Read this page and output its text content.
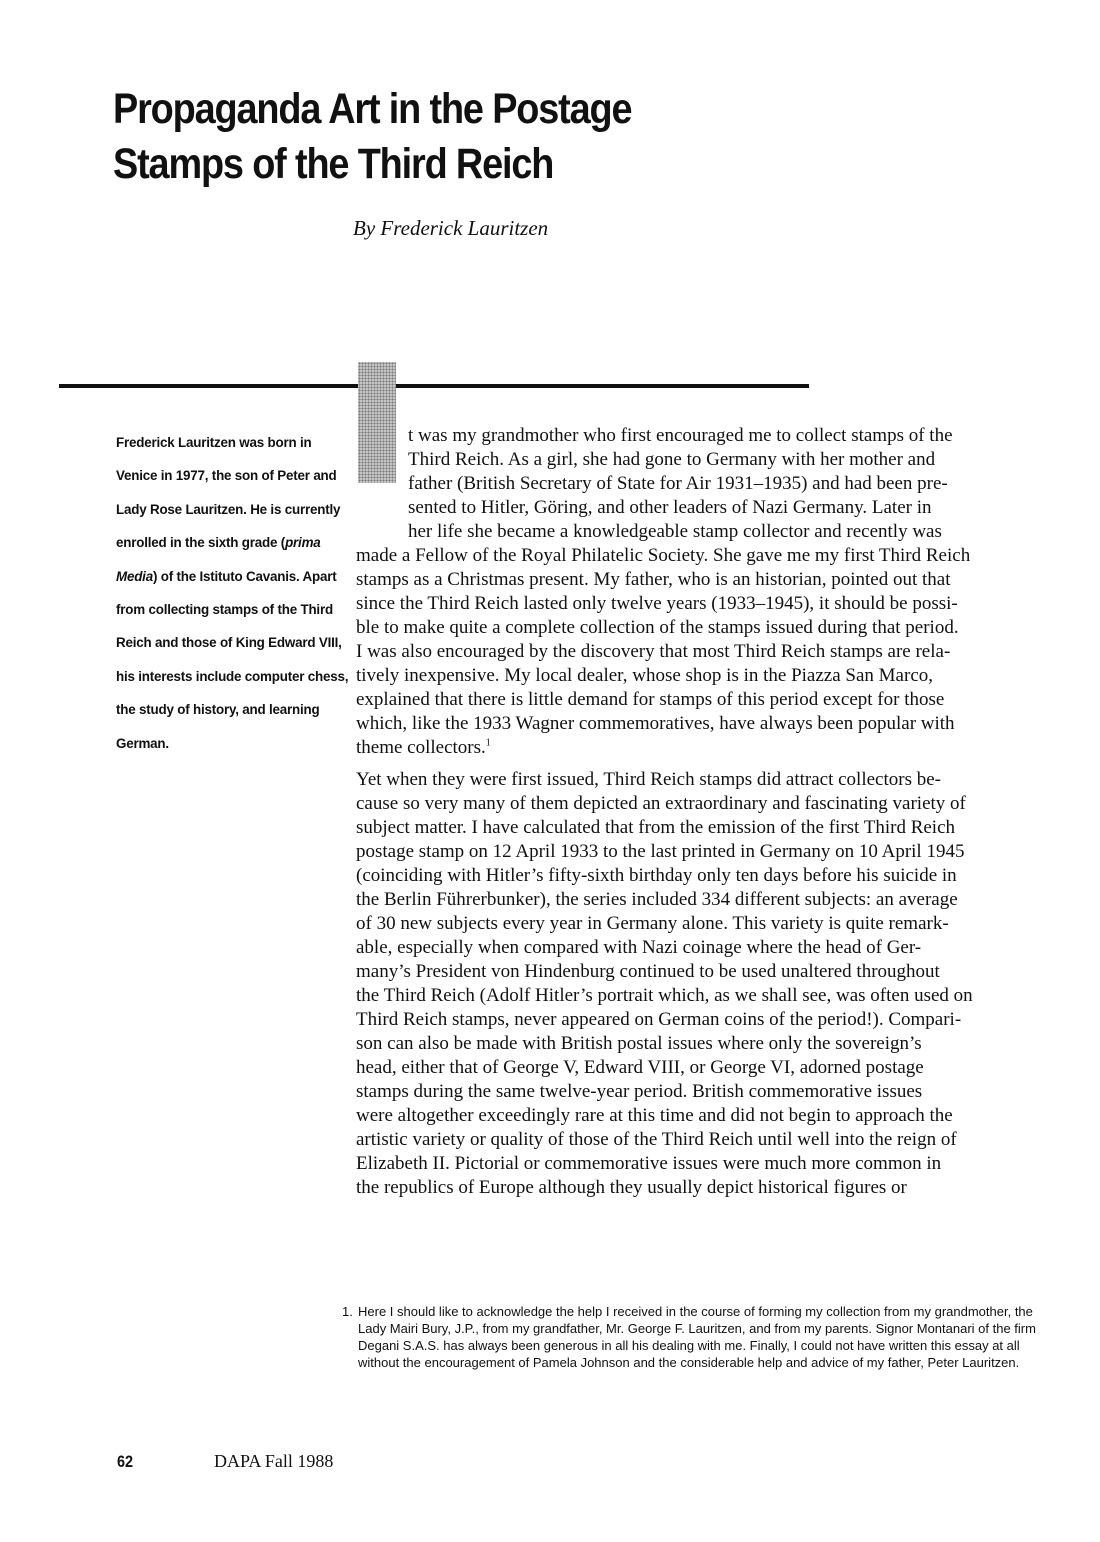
Propaganda Art in the Postage
Stamps of the Third Reich
By Frederick Lauritzen

Frederick Lauritzen was born in Venice in 1977, the son of Peter and Lady Rose Lauritzen. He is currently enrolled in the sixth grade (prima Media) of the Istituto Cavanis. Apart from collecting stamps of the Third Reich and those of King Edward VIII, his interests include computer chess, the study of history, and learning German.

t was my grandmother who first encouraged me to collect stamps of the
Third Reich. As a girl, she had gone to Germany with her mother and
father (British Secretary of State for Air 1931–1935) and had been pre-
sented to Hitler, Göring, and other leaders of Nazi Germany. Later in
her life she became a knowledgeable stamp collector and recently was
made a Fellow of the Royal Philatelic Society. She gave me my first Third Reich
stamps as a Christmas present. My father, who is an historian, pointed out that
since the Third Reich lasted only twelve years (1933–1945), it should be possi-
ble to make quite a complete collection of the stamps issued during that period.
I was also encouraged by the discovery that most Third Reich stamps are rela-
tively inexpensive. My local dealer, whose shop is in the Piazza San Marco,
explained that there is little demand for stamps of this period except for those
which, like the 1933 Wagner commemoratives, have always been popular with
theme collectors.$^1$

Yet when they were first issued, Third Reich stamps did attract collectors be-
cause so very many of them depicted an extraordinary and fascinating variety of
subject matter. I have calculated that from the emission of the first Third Reich
postage stamp on 12 April 1933 to the last printed in Germany on 10 April 1945
(coinciding with Hitler’s fifty-sixth birthday only ten days before his suicide in
the Berlin Führerbunker), the series included 334 different subjects: an average
of 30 new subjects every year in Germany alone. This variety is quite remark-
able, especially when compared with Nazi coinage where the head of Ger-
many’s President von Hindenburg continued to be used unaltered throughout
the Third Reich (Adolf Hitler’s portrait which, as we shall see, was often used on
Third Reich stamps, never appeared on German coins of the period!). Compari-
son can also be made with British postal issues where only the sovereign’s
head, either that of George V, Edward VIII, or George VI, adorned postage
stamps during the same twelve-year period. British commemorative issues
were altogether exceedingly rare at this time and did not begin to approach the
artistic variety or quality of those of the Third Reich until well into the reign of
Elizabeth II. Pictorial or commemorative issues were much more common in
the republics of Europe although they usually depict historical figures or

1. Here I should like to acknowledge the help I received in the course of forming my collection from my grandmother, the Lady Mairi Bury, J.P., from my grandfather, Mr. George F. Lauritzen, and from my parents. Signor Montanari of the firm Degani S.A.S. has always been generous in all his dealing with me. Finally, I could not have written this essay at all without the encouragement of Pamela Johnson and the considerable help and advice of my father, Peter Lauritzen.
62	DAPA Fall 1988
